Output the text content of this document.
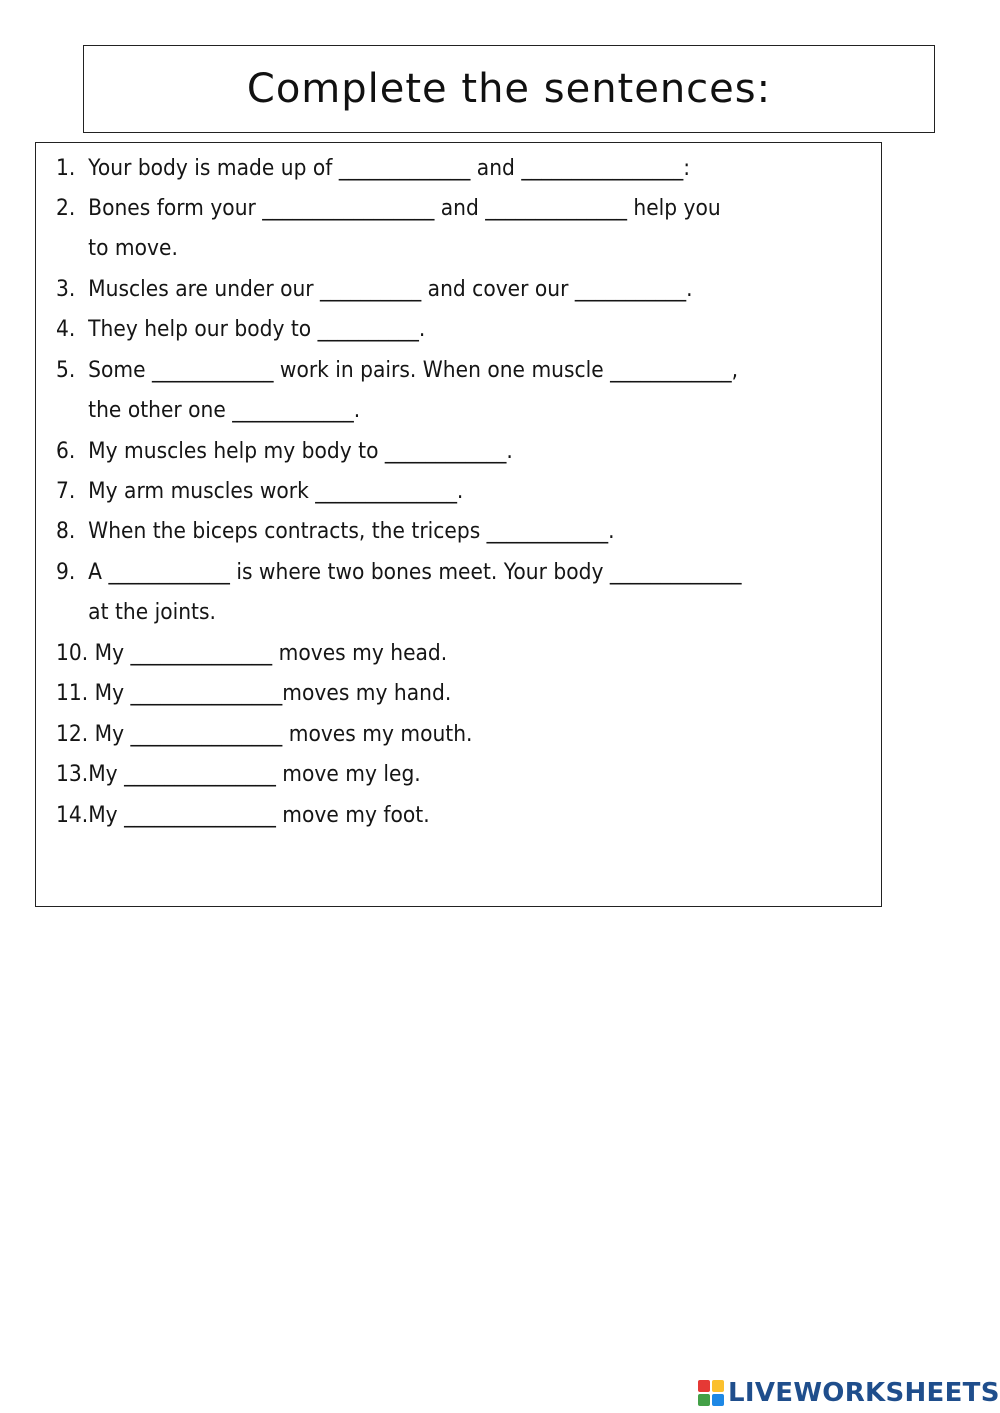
Complete the sentences:
1.  Your body is made up of _____________ and ________________:
2.  Bones form your _________________ and ______________ help you
to move.
3.  Muscles are under our __________ and cover our ___________.
4.  They help our body to __________.
5.  Some ____________ work in pairs. When one muscle ____________,
the other one ____________.
6.  My muscles help my body to ____________.
7.  My arm muscles work ______________.
8.  When the biceps contracts, the triceps ____________.
9.  A ____________ is where two bones meet. Your body _____________
at the joints.
10. My ______________ moves my head.
11. My _______________moves my hand.
12. My _______________ moves my mouth.
13.My _______________ move my leg.
14.My _______________ move my foot.
LIVEWORKSHEETS
